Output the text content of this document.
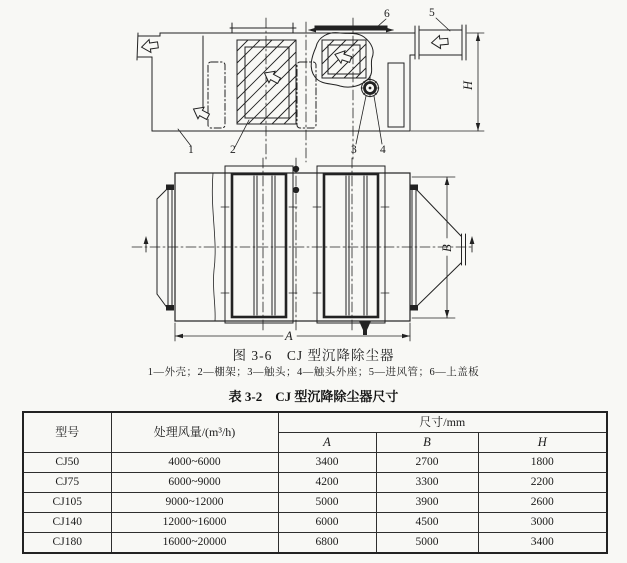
1	2	3 4
5
6
H
A
B
图 3-6　CJ 型沉降除尘器
1—外壳；2—棚架；3—触头；4—触头外座；5—进风管；6—上盖板
表 3-2　CJ 型沉降除尘器尺寸
型号	处理风量/(m³/h)	尺寸/mm		
		A	B	H
CJ50	4000~6000	3400	2700	1800
CJ75	6000~9000	4200	3300	2200
CJ105	9000~12000	5000	3900	2600
CJ140	12000~16000	6000	4500	3000
CJ180	16000~20000	6800	5000	3400
